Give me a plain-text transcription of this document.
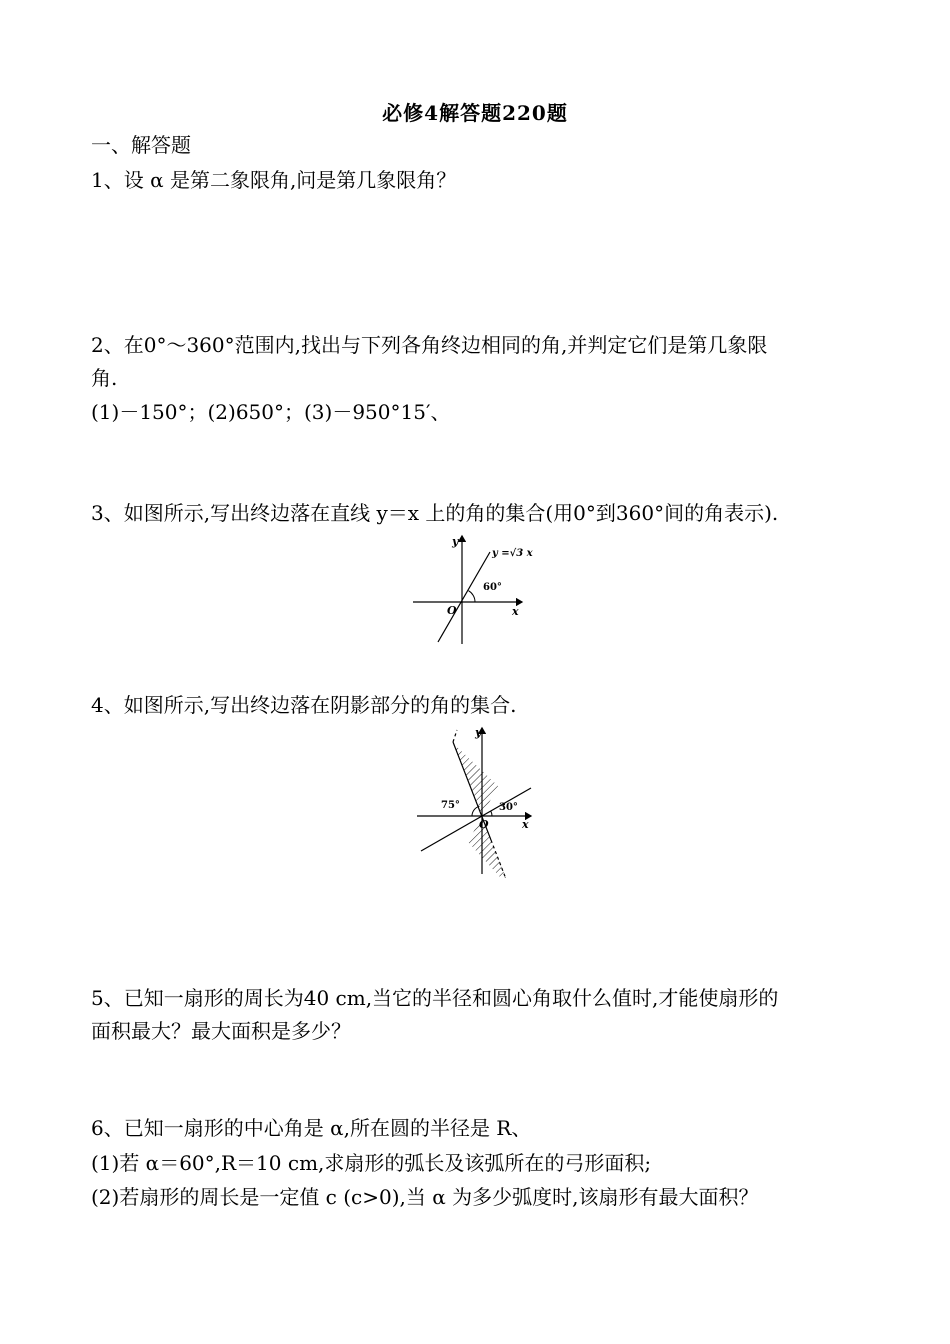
必修4解答题220题
一、解答题
1、设 α 是第二象限角,问是第几象限角？
2、在0°～360°范围内,找出与下列各角终边相同的角,并判定它们是第几象限
角.
(1)－150°；(2)650°；(3)－950°15′、
3、如图所示,写出终边落在直线 y＝x 上的角的集合(用0°到360°间的角表示).
y
x
O
y =√3 x
60°
4、如图所示,写出终边落在阴影部分的角的集合.
y
x
O
75°	30°
5、已知一扇形的周长为40 cm,当它的半径和圆心角取什么值时,才能使扇形的
面积最大？最大面积是多少？
6、已知一扇形的中心角是 α,所在圆的半径是 R、
(1)若 α＝60°,R＝10 cm,求扇形的弧长及该弧所在的弓形面积;
(2)若扇形的周长是一定值 c (c>0),当 α 为多少弧度时,该扇形有最大面积？
